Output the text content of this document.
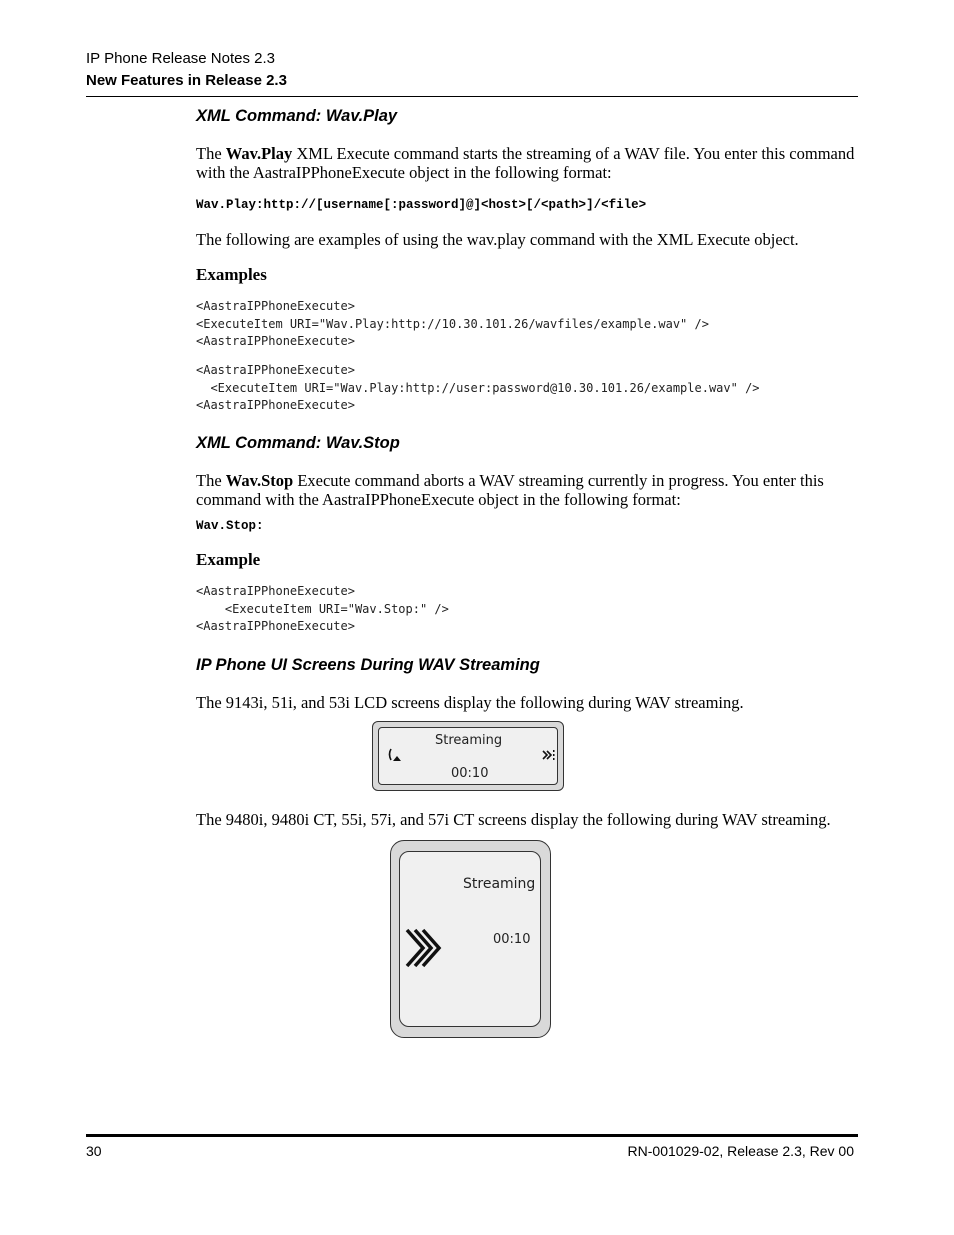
IP Phone Release Notes 2.3
New Features in Release 2.3
XML Command: Wav.Play
The Wav.Play XML Execute command starts the streaming of a WAV file. You enter this command with the AastraIPPhoneExecute object in the following format:
Wav.Play:http://[username[:password]@]<host>[/<path>]/<file>
The following are examples of using the wav.play command with the XML Execute object.
Examples
<AastraIPPhoneExecute>
<ExecuteItem URI="Wav.Play:http://10.30.101.26/wavfiles/example.wav" />
<AastraIPPhoneExecute>
<AastraIPPhoneExecute>
<ExecuteItem URI="Wav.Play:http://user:password@10.30.101.26/example.wav" />
<AastraIPPhoneExecute>
XML Command: Wav.Stop
The Wav.Stop Execute command aborts a WAV streaming currently in progress. You enter this command with the AastraIPPhoneExecute object in the following format:
Wav.Stop:
Example
<AastraIPPhoneExecute>
<ExecuteItem URI="Wav.Stop:" />
<AastraIPPhoneExecute>
IP Phone UI Screens During WAV Streaming
The 9143i, 51i, and 53i LCD screens display the following during WAV streaming.
Streaming
00:10
The 9480i, 9480i CT, 55i, 57i, and 57i CT screens display the following during WAV streaming.
Streaming
00:10
30	RN-001029-02, Release 2.3, Rev 00
